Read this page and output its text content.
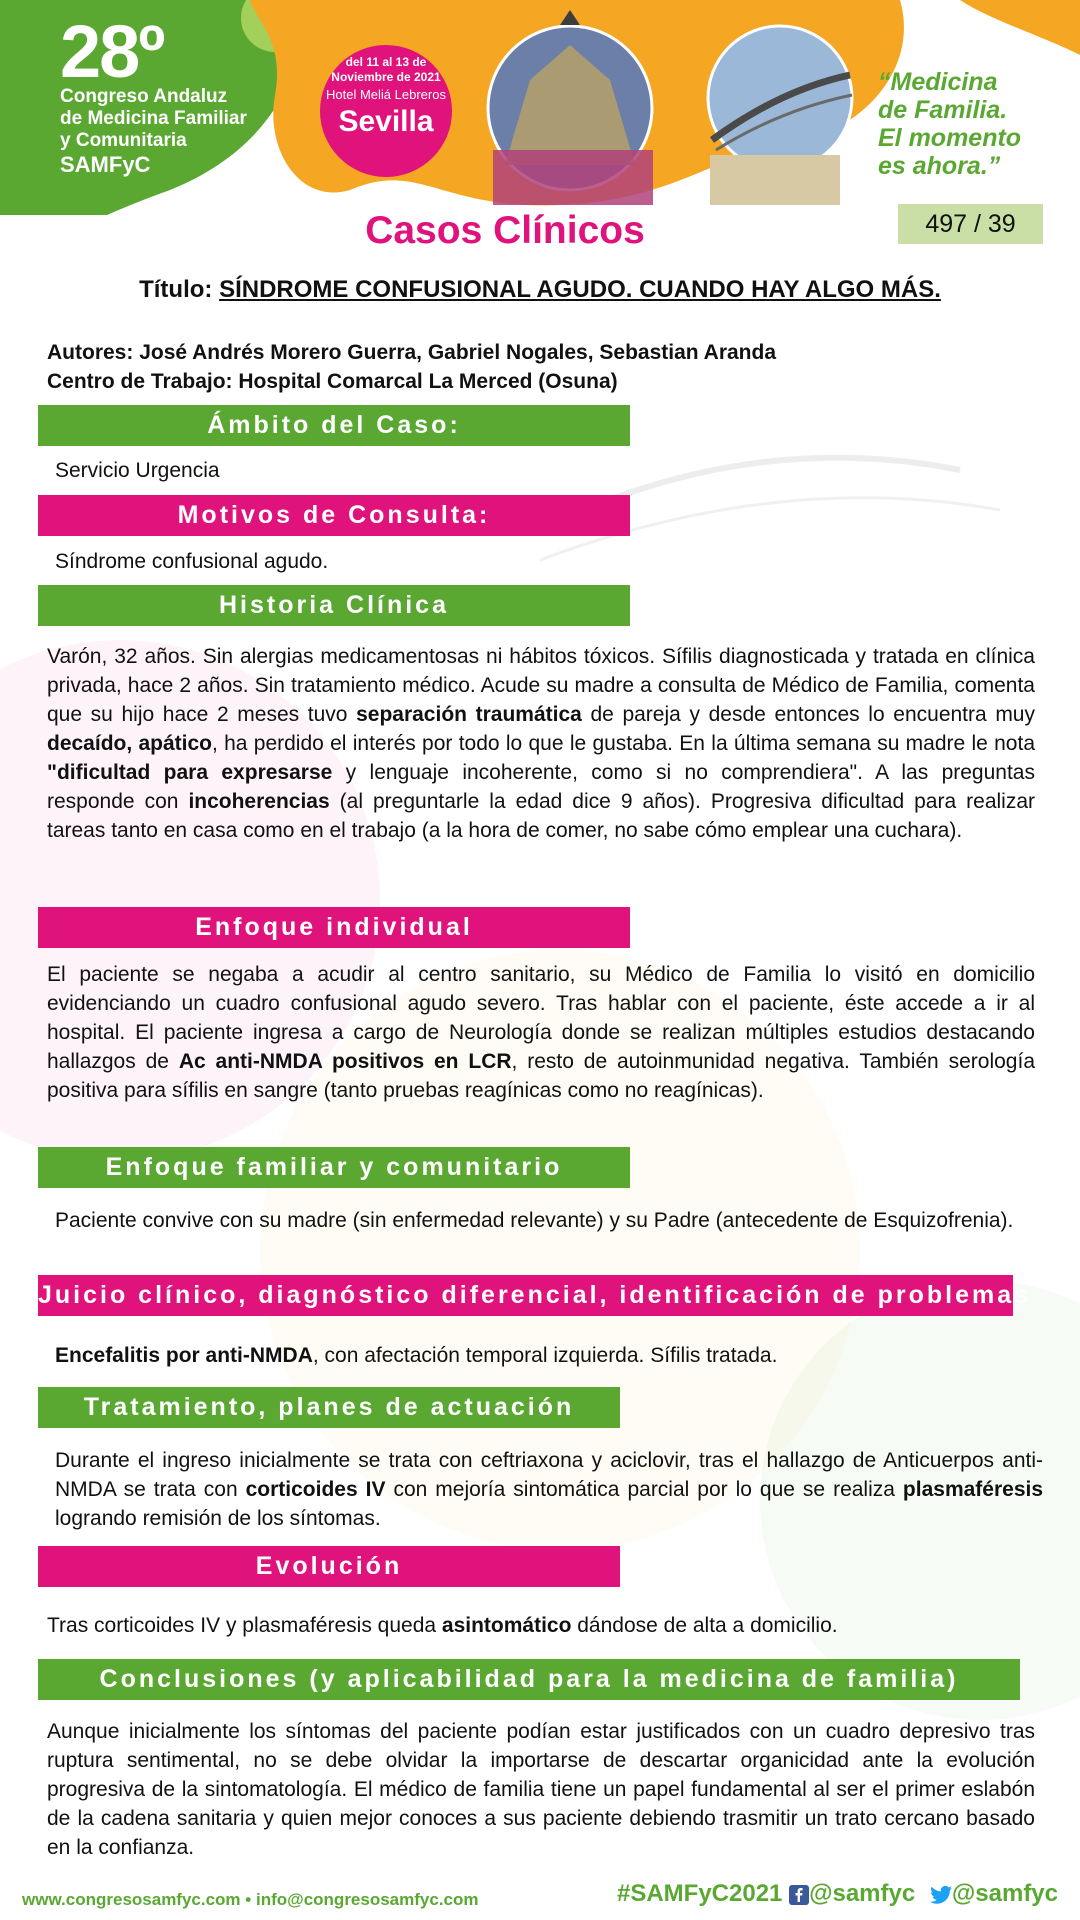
28º
Congreso Andaluz
de Medicina Familiar
y Comunitaria
SAMFyC
del 11 al 13 de
Noviembre de 2021
Hotel Meliá Lebreros
Sevilla
“Medicina
de Familia.
El momento
es ahora.”
497 / 39
Casos Clínicos
Título: SÍNDROME CONFUSIONAL AGUDO. CUANDO HAY ALGO MÁS.
Autores: José Andrés Morero Guerra, Gabriel Nogales, Sebastian Aranda
Centro de Trabajo: Hospital Comarcal La Merced (Osuna)
Ámbito del Caso:
Servicio Urgencia
Motivos de Consulta:
Síndrome confusional agudo.
Historia Clínica
Varón, 32 años. Sin alergias medicamentosas ni hábitos tóxicos. Sífilis diagnosticada y tratada en clínica privada, hace 2 años. Sin tratamiento médico. Acude su madre a consulta de Médico de Familia, comenta que su hijo hace 2 meses tuvo separación traumática de pareja y desde entonces lo encuentra muy decaído, apático, ha perdido el interés por todo lo que le gustaba. En la última semana su madre le nota "dificultad para expresarse y lenguaje incoherente, como si no comprendiera". A las preguntas responde con incoherencias (al preguntarle la edad dice 9 años). Progresiva dificultad para realizar tareas tanto en casa como en el trabajo (a la hora de comer, no sabe cómo emplear una cuchara).
Enfoque individual
El paciente se negaba a acudir al centro sanitario, su Médico de Familia lo visitó en domicilio evidenciando un cuadro confusional agudo severo. Tras hablar con el paciente, éste accede a ir al hospital. El paciente ingresa a cargo de Neurología donde se realizan múltiples estudios destacando hallazgos de Ac anti-NMDA positivos en LCR, resto de autoinmunidad negativa. También serología positiva para sífilis en sangre (tanto pruebas reagínicas como no reagínicas).
Enfoque familiar y comunitario
Paciente convive con su madre (sin enfermedad relevante) y su Padre (antecedente de Esquizofrenia).
Juicio clínico, diagnóstico diferencial, identificación de problemas
Encefalitis por anti-NMDA, con afectación temporal izquierda. Sífilis tratada.
Tratamiento, planes de actuación
Durante el ingreso inicialmente se trata con ceftriaxona y aciclovir, tras el hallazgo de Anticuerpos anti-NMDA se trata con corticoides IV con mejoría sintomática parcial por lo que se realiza plasmaféresis logrando remisión de los síntomas.
Evolución
Tras corticoides IV y plasmaféresis queda asintomático dándose de alta a domicilio.
Conclusiones (y aplicabilidad para la medicina de familia)
Aunque inicialmente los síntomas del paciente podían estar justificados con un cuadro depresivo tras ruptura sentimental, no se debe olvidar la importarse de descartar organicidad ante la evolución progresiva de la sintomatología. El médico de familia tiene un papel fundamental al ser el primer eslabón de la cadena sanitaria y quien mejor conoces a sus paciente debiendo trasmitir un trato cercano basado en la confianza.
www.congresosamfyc.com • info@congresosamfyc.com	#SAMFyC2021 @samfyc @samfyc
